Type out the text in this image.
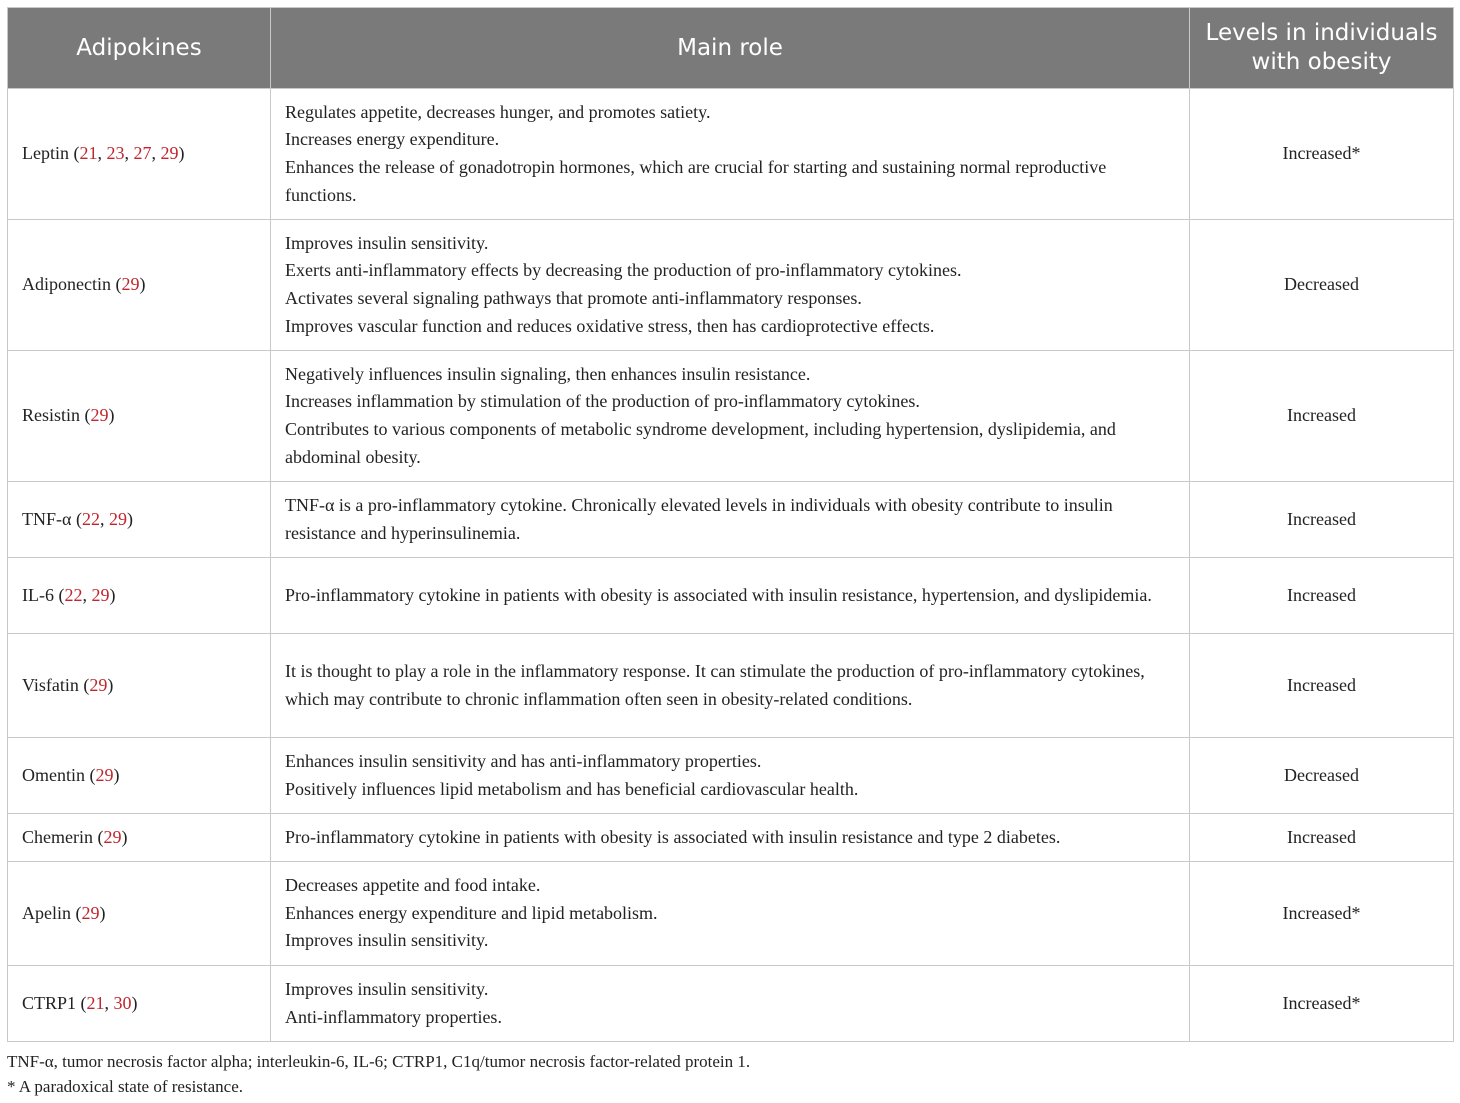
Adipokines	Main role	Levels in individuals with obesity
Leptin (21, 23, 27, 29)	Regulates appetite, decreases hunger, and promotes satiety.
Increases energy expenditure.
Enhances the release of gonadotropin hormones, which are crucial for starting and sustaining normal reproductive functions.	Increased*
Adiponectin (29)	Improves insulin sensitivity.
Exerts anti-inflammatory effects by decreasing the production of pro-inflammatory cytokines.
Activates several signaling pathways that promote anti-inflammatory responses.
Improves vascular function and reduces oxidative stress, then has cardioprotective effects.	Decreased
Resistin (29)	Negatively influences insulin signaling, then enhances insulin resistance.
Increases inflammation by stimulation of the production of pro-inflammatory cytokines.
Contributes to various components of metabolic syndrome development, including hypertension, dyslipidemia, and abdominal obesity.	Increased
TNF-α (22, 29)	TNF-α is a pro-inflammatory cytokine. Chronically elevated levels in individuals with obesity contribute to insulin resistance and hyperinsulinemia.	Increased
IL-6 (22, 29)	Pro-inflammatory cytokine in patients with obesity is associated with insulin resistance, hypertension, and dyslipidemia.	Increased
Visfatin (29)	It is thought to play a role in the inflammatory response. It can stimulate the production of pro-inflammatory cytokines, which may contribute to chronic inflammation often seen in obesity-related conditions.	Increased
Omentin (29)	Enhances insulin sensitivity and has anti-inflammatory properties.
Positively influences lipid metabolism and has beneficial cardiovascular health.	Decreased
Chemerin (29)	Pro-inflammatory cytokine in patients with obesity is associated with insulin resistance and type 2 diabetes.	Increased
Apelin (29)	Decreases appetite and food intake.
Enhances energy expenditure and lipid metabolism.
Improves insulin sensitivity.	Increased*
CTRP1 (21, 30)	Improves insulin sensitivity.
Anti-inflammatory properties.	Increased*
TNF-α, tumor necrosis factor alpha; interleukin-6, IL-6; CTRP1, C1q/tumor necrosis factor-related protein 1.
* A paradoxical state of resistance.
